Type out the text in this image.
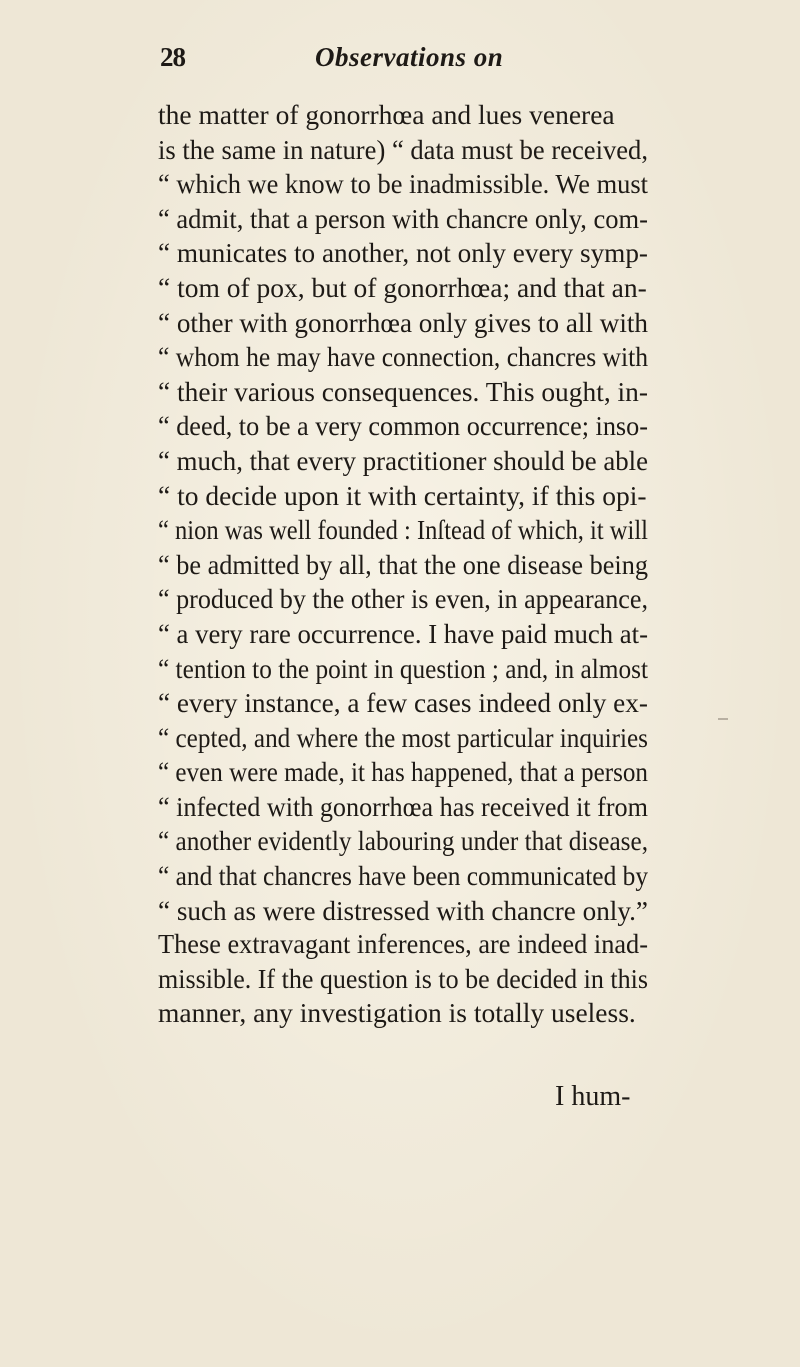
28	Observations on
the matter of gonorrhœa and lues venerea
is the same in nature) “ data must be received,
“ which we know to be inadmissible. We must
“ admit, that a person with chancre only, com-
“ municates to another, not only every symp-
“ tom of pox, but of gonorrhœa; and that an-
“ other with gonorrhœa only gives to all with
“ whom he may have connection, chancres with
“ their various consequences. This ought, in-
“ deed, to be a very common occurrence; inso-
“ much, that every practitioner should be able
“ to decide upon it with certainty, if this opi-
“ nion was well founded : Inſtead of which, it will
“ be admitted by all, that the one disease being
“ produced by the other is even, in appearance,
“ a very rare occurrence. I have paid much at-
“ tention to the point in question ; and, in almost
“ every instance, a few cases indeed only ex-
“ cepted, and where the most particular inquiries
“ even were made, it has happened, that a person
“ infected with gonorrhœa has received it from
“ another evidently labouring under that disease,
“ and that chancres have been communicated by
“ such as were distressed with chancre only.”
These extravagant inferences, are indeed inad-
missible. If the question is to be decided in this
manner, any investigation is totally useless.
I hum-
